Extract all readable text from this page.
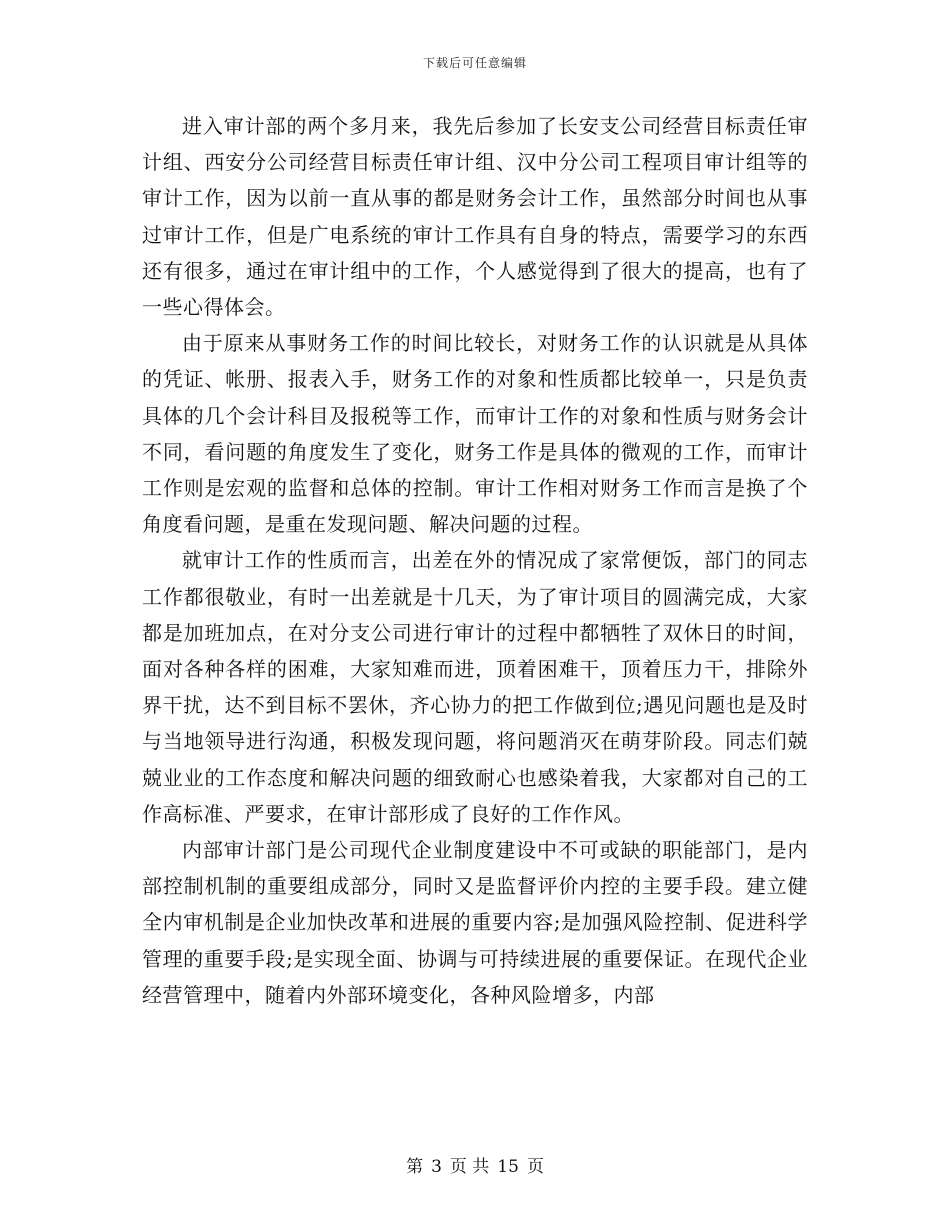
下载后可任意编辑

进入审计部的两个多月来，我先后参加了长安支公司经营目标责任审计组、西安分公司经营目标责任审计组、汉中分公司工程项目审计组等的审计工作，因为以前一直从事的都是财务会计工作，虽然部分时间也从事过审计工作，但是广电系统的审计工作具有自身的特点，需要学习的东西还有很多，通过在审计组中的工作，个人感觉得到了很大的提高，也有了一些心得体会。

由于原来从事财务工作的时间比较长，对财务工作的认识就是从具体的凭证、帐册、报表入手，财务工作的对象和性质都比较单一，只是负责具体的几个会计科目及报税等工作，而审计工作的对象和性质与财务会计不同，看问题的角度发生了变化，财务工作是具体的微观的工作，而审计工作则是宏观的监督和总体的控制。审计工作相对财务工作而言是换了个角度看问题，是重在发现问题、解决问题的过程。

就审计工作的性质而言，出差在外的情况成了家常便饭，部门的同志工作都很敬业，有时一出差就是十几天，为了审计项目的圆满完成，大家都是加班加点，在对分支公司进行审计的过程中都牺牲了双休日的时间，面对各种各样的困难，大家知难而进，顶着困难干，顶着压力干，排除外界干扰，达不到目标不罢休，齐心协力的把工作做到位;遇见问题也是及时与当地领导进行沟通，积极发现问题，将问题消灭在萌芽阶段。同志们兢兢业业的工作态度和解决问题的细致耐心也感染着我，大家都对自己的工作高标准、严要求，在审计部形成了良好的工作作风。

内部审计部门是公司现代企业制度建设中不可或缺的职能部门，是内部控制机制的重要组成部分，同时又是监督评价内控的主要手段。建立健全内审机制是企业加快改革和进展的重要内容;是加强风险控制、促进科学管理的重要手段;是实现全面、协调与可持续进展的重要保证。在现代企业经营管理中，随着内外部环境变化，各种风险增多，内部

第 3 页 共 15 页
